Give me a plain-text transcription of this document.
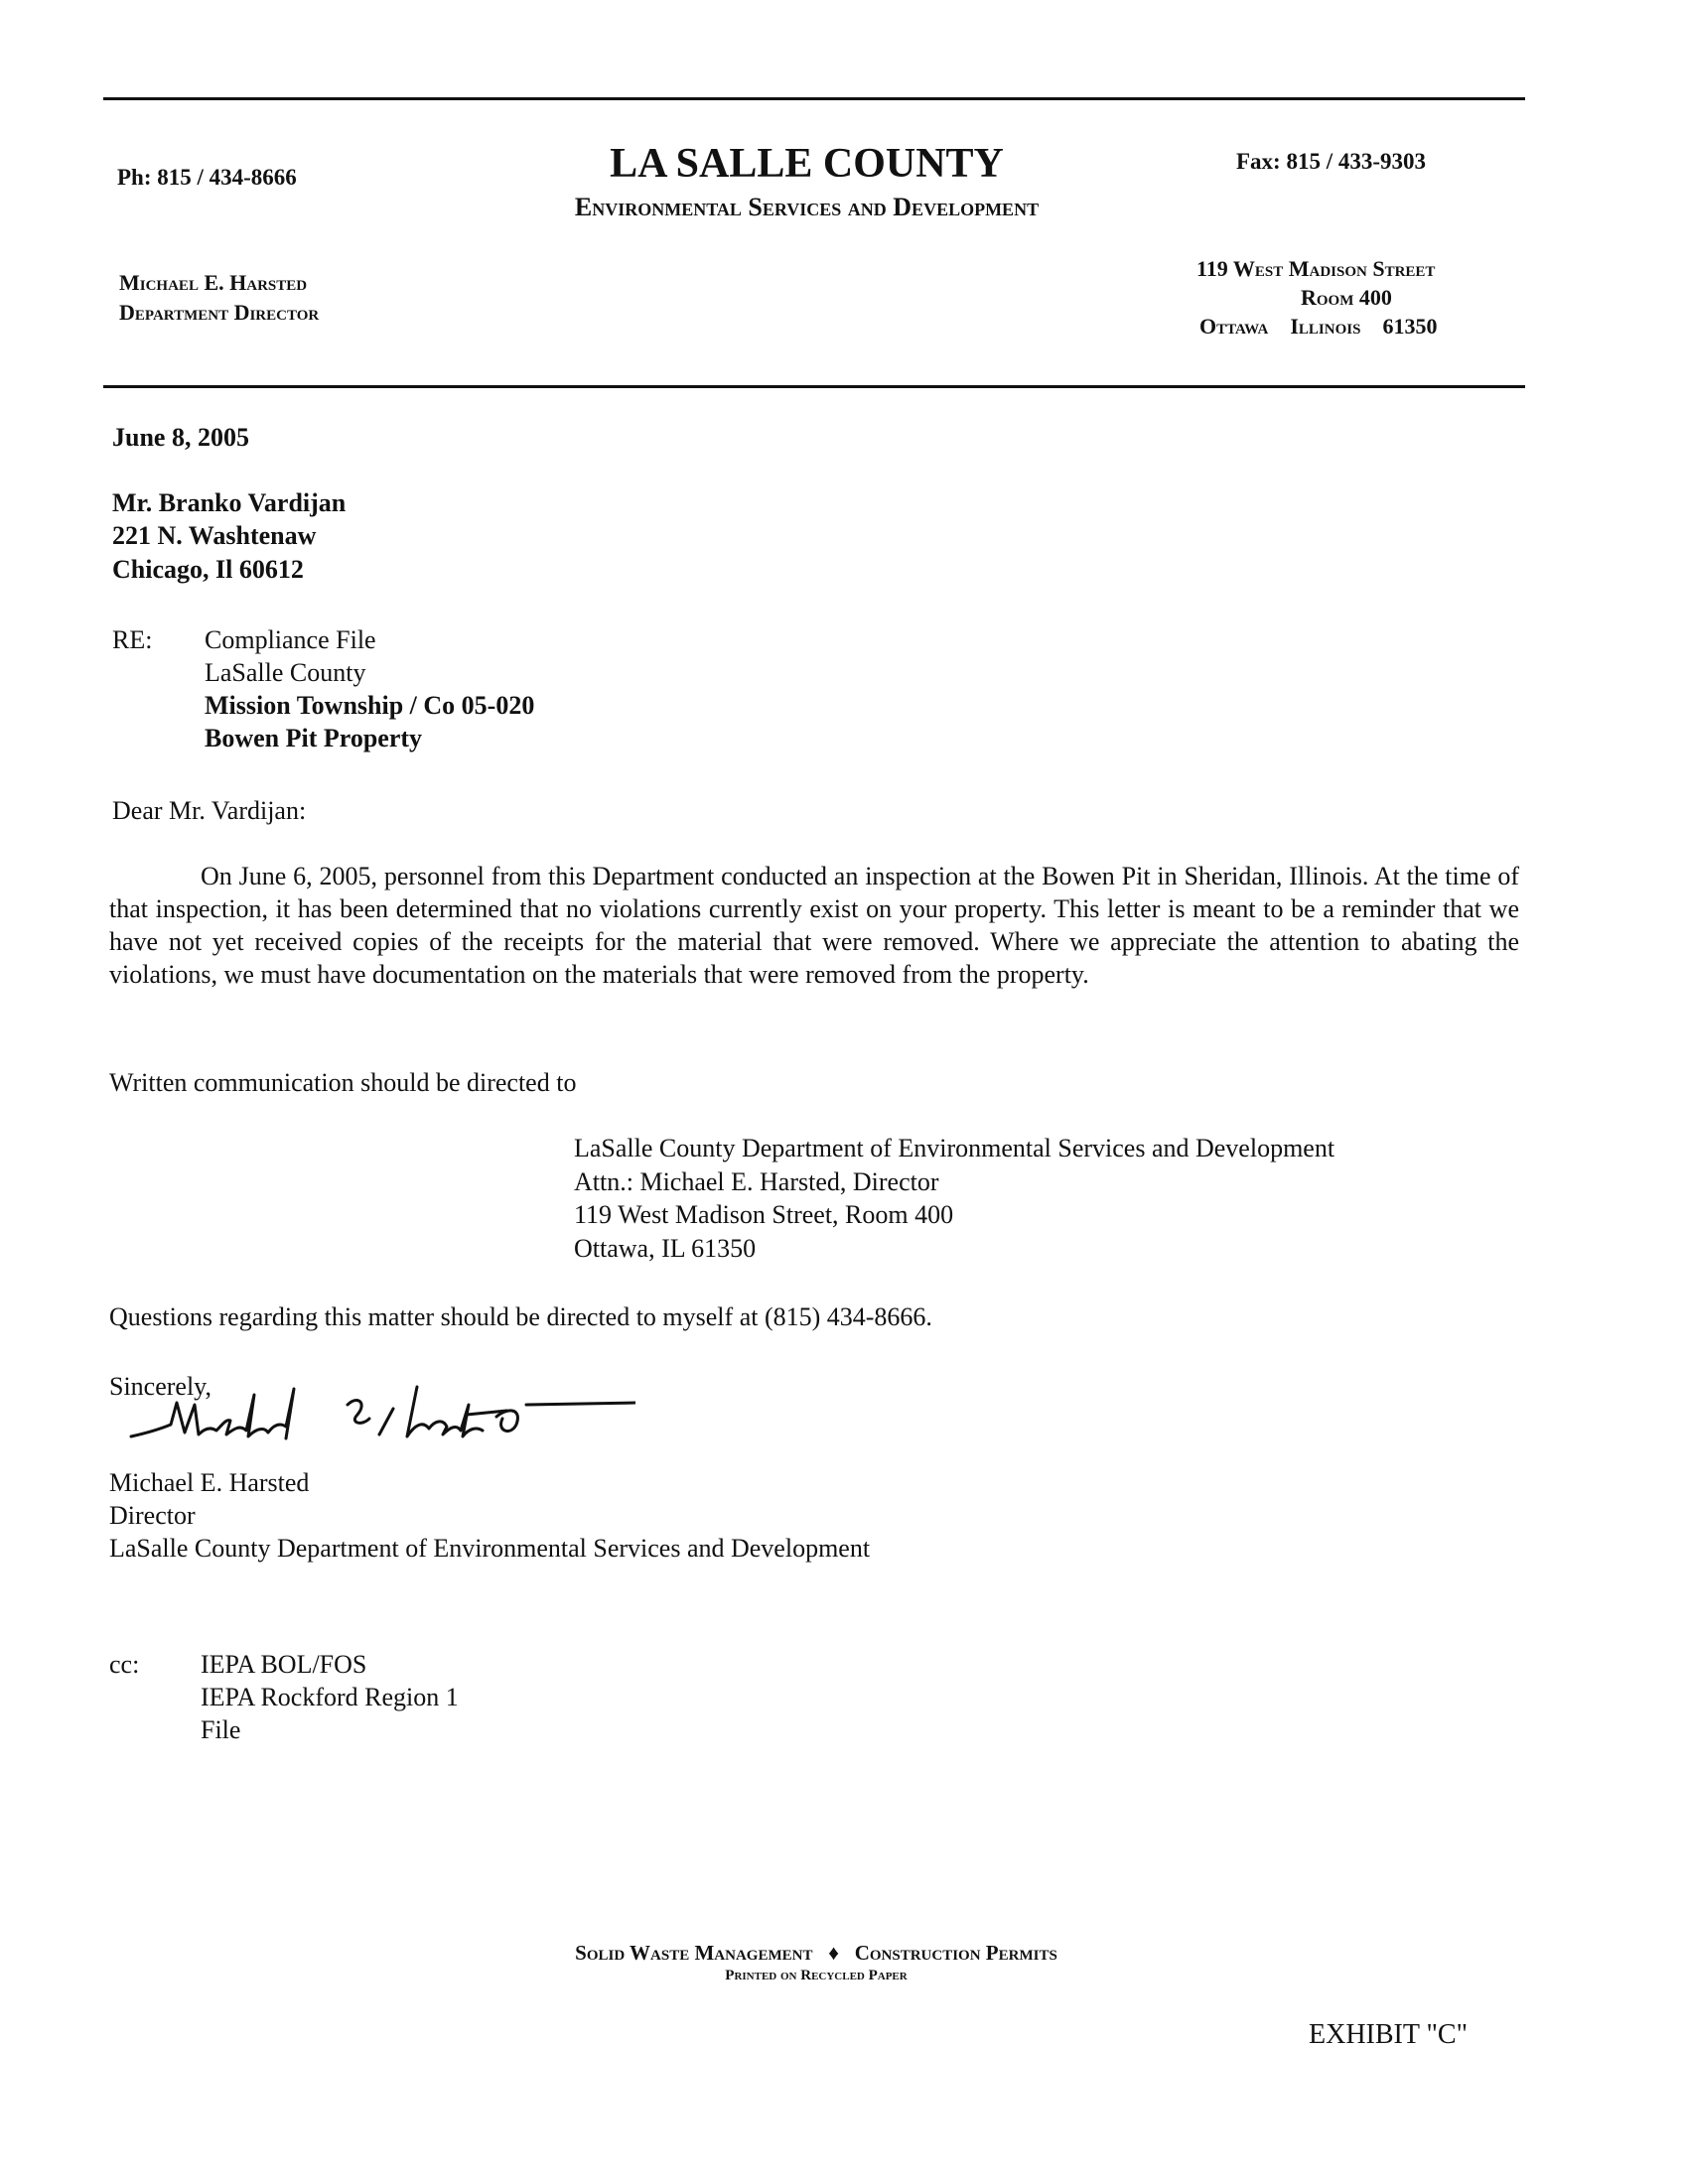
Ph: 815 / 434-8666	LA SALLE COUNTY
Environmental Services and Development
Fax: 815 / 433-9303
Michael E. Harsted
Department Director
119 West Madison Street
Room 400
Ottawa Illinois 61350
June 8, 2005
Mr. Branko Vardijan
221 N. Washtenaw
Chicago, Il 60612
RE: Compliance File
LaSalle County
Mission Township / Co 05-020
Bowen Pit Property
Dear Mr. Vardijan:
On June 6, 2005, personnel from this Department conducted an inspection at the Bowen Pit in Sheridan, Illinois. At the time of that inspection, it has been determined that no violations currently exist on your property. This letter is meant to be a reminder that we have not yet received copies of the receipts for the material that were removed. Where we appreciate the attention to abating the violations, we must have documentation on the materials that were removed from the property.
Written communication should be directed to
LaSalle County Department of Environmental Services and Development
Attn.: Michael E. Harsted, Director
119 West Madison Street, Room 400
Ottawa, IL 61350
Questions regarding this matter should be directed to myself at (815) 434-8666.
Sincerely,
Michael E. Harsted
Director
LaSalle County Department of Environmental Services and Development
cc: IEPA BOL/FOS
IEPA Rockford Region 1
File
Solid Waste Management ♦ Construction Permits
Printed on Recycled Paper
EXHIBIT "C"
